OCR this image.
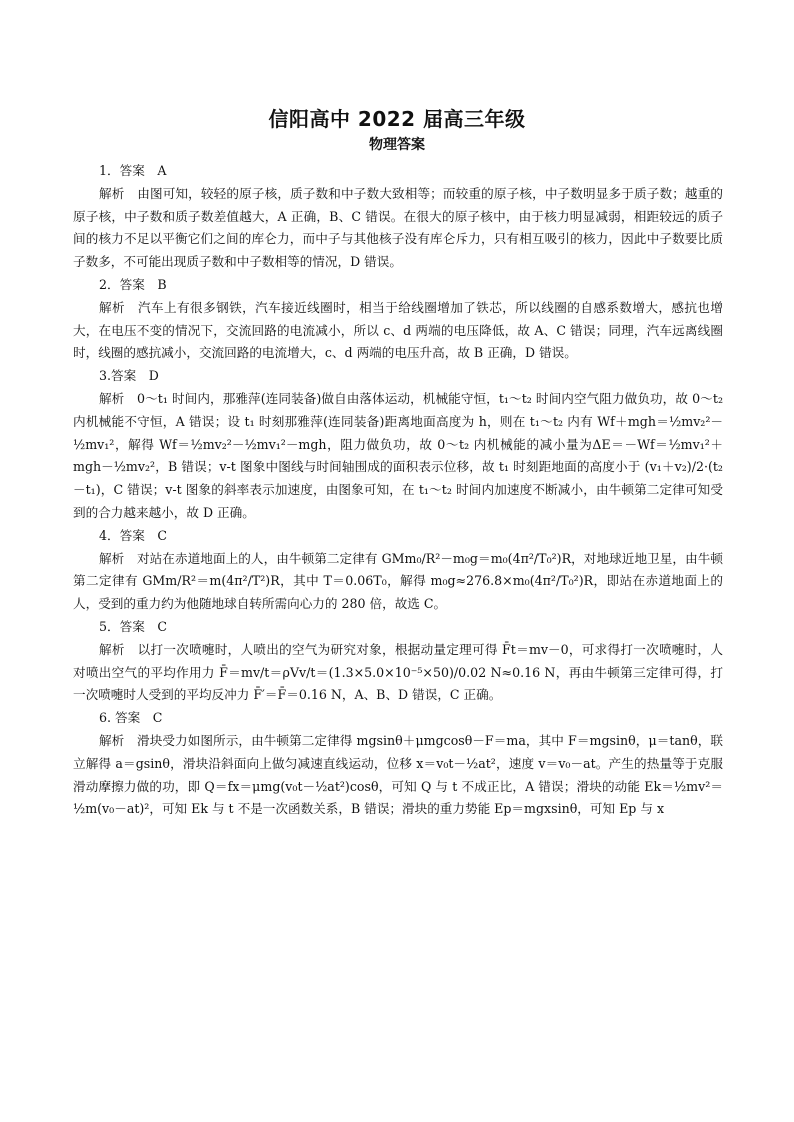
信阳高中 2022 届高三年级
物理答案
1．答案　A
解析　由图可知，较轻的原子核，质子数和中子数大致相等；而较重的原子核，中子数明显多于质子数；越重的原子核，中子数和质子数差值越大，A 正确，B、C 错误。在很大的原子核中，由于核力明显减弱，相距较远的质子间的核力不足以平衡它们之间的库仑力，而中子与其他核子没有库仑斥力，只有相互吸引的核力，因此中子数要比质子数多，不可能出现质子数和中子数相等的情况，D 错误。
2．答案　B
解析　汽车上有很多钢铁，汽车接近线圈时，相当于给线圈增加了铁芯，所以线圈的自感系数增大，感抗也增大，在电压不变的情况下，交流回路的电流减小，所以 c、d 两端的电压降低，故 A、C 错误；同理，汽车远离线圈时，线圈的感抗减小，交流回路的电流增大，c、d 两端的电压升高，故 B 正确，D 错误。
3.答案　D
解析　0～t₁ 时间内，那雅萍(连同装备)做自由落体运动，机械能守恒，t₁～t₂ 时间内空气阻力做负功，故 0～t₂ 内机械能不守恒，A 错误；设 t₁ 时刻那雅萍(连同装备)距离地面高度为 h，则在 t₁～t₂ 内有 Wf＋mgh＝½mv₂²－½mv₁²，解得 Wf＝½mv₂²－½mv₁²－mgh，阻力做负功，故 0～t₂ 内机械能的减小量为ΔE＝－Wf＝½mv₁²＋mgh－½mv₂²，B 错误；v-t 图象中图线与时间轴围成的面积表示位移，故 t₁ 时刻距地面的高度小于 (v₁＋v₂)/2·(t₂－t₁)，C 错误；v-t 图象的斜率表示加速度，由图象可知，在 t₁～t₂ 时间内加速度不断减小，由牛顿第二定律可知受到的合力越来越小，故 D 正确。
4．答案　C
解析　对站在赤道地面上的人，由牛顿第二定律有 GMm₀/R²－m₀g＝m₀(4π²/T₀²)R，对地球近地卫星，由牛顿第二定律有 GMm/R²＝m(4π²/T²)R，其中 T＝0.06T₀，解得 m₀g≈276.8×m₀(4π²/T₀²)R，即站在赤道地面上的人，受到的重力约为他随地球自转所需向心力的 280 倍，故选 C。
5．答案　C
解析　以打一次喷嚏时，人喷出的空气为研究对象，根据动量定理可得 F̄t＝mv－0，可求得打一次喷嚏时，人对喷出空气的平均作用力 F̄＝mv/t＝ρVv/t＝(1.3×5.0×10⁻⁵×50)/0.02 N≈0.16 N，再由牛顿第三定律可得，打一次喷嚏时人受到的平均反冲力 F̄′＝F̄＝0.16 N，A、B、D 错误，C 正确。
6. 答案　C
解析　滑块受力如图所示，由牛顿第二定律得 mgsinθ＋μmgcosθ－F＝ma，其中 F＝mgsinθ，μ＝tanθ，联立解得 a＝gsinθ，滑块沿斜面向上做匀减速直线运动，位移 x＝v₀t－½at²，速度 v＝v₀－at。产生的热量等于克服滑动摩擦力做的功，即 Q＝fx＝μmg(v₀t－½at²)cosθ，可知 Q 与 t 不成正比，A 错误；滑块的动能 Ek＝½mv²＝½m(v₀－at)²，可知 Ek 与 t 不是一次函数关系，B 错误；滑块的重力势能 Ep＝mgxsinθ，可知 Ep 与 x
